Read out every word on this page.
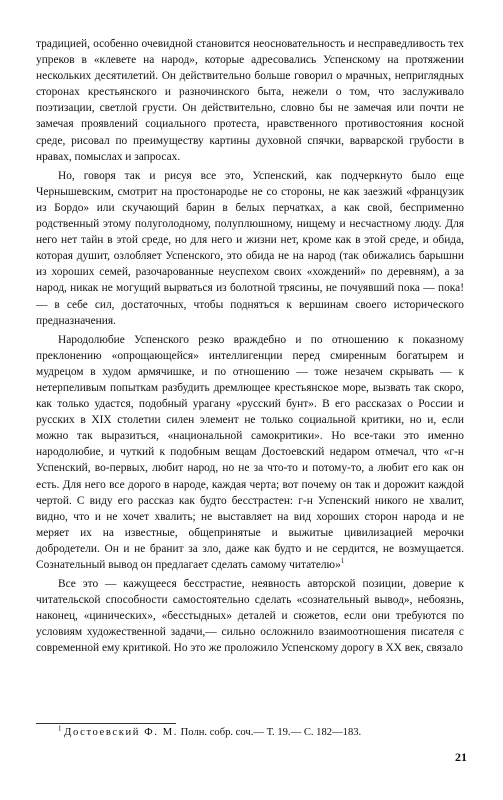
традицией, особенно очевидной становится неосновательность и несправедливость тех упреков в «клевете на народ», которые адресовались Успенскому на протяжении нескольких десятилетий. Он действительно больше говорил о мрачных, неприглядных сторонах крестьянского и разночинского быта, нежели о том, что заслуживало поэтизации, светлой грусти. Он действительно, словно бы не замечая или почти не замечая проявлений социального протеста, нравственного противостояния косной среде, рисовал по преимуществу картины духовной спячки, варварской грубости в нравах, помыслах и запросах.

Но, говоря так и рисуя все это, Успенский, как подчеркнуто было еще Чернышевским, смотрит на простонародье не со стороны, не как заезжий «французик из Бордо» или скучающий барин в белых перчатках, а как свой, бесприменно родственный этому полуголодному, полуплюшному, нищему и несчастному люду. Для него нет тайн в этой среде, но для него и жизни нет, кроме как в этой среде, и обида, которая душит, озлобляет Успенского, это обида не на народ (так обижались барышни из хороших семей, разочарованные неуспехом своих «хождений» по деревням), а за народ, никак не могущий вырваться из болотной трясины, не почуявший пока — пока! — в себе сил, достаточных, чтобы подняться к вершинам своего исторического предназначения.

Народолюбие Успенского резко враждебно и по отношению к показному преклонению «опрощающейся» интеллигенции перед смиренным богатырем и мудрецом в худом армячишке, и по отношению — тоже незачем скрывать — к нетерпеливым попыткам разбудить дремлющее крестьянское море, вызвать так скоро, как только удастся, подобный урагану «русский бунт». В его рассказах о России и русских в XIX столетии силен элемент не только социальной критики, но и, если можно так выразиться, «национальной самокритики». Но все-таки это именно народолюбие, и чуткий к подобным вещам Достоевский недаром отмечал, что «г-н Успенский, во-первых, любит народ, но не за что-то и потому-то, а любит его как он есть. Для него все дорого в народе, каждая черта; вот почему он так и дорожит каждой чертой. С виду его рассказ как будто бесстрастен: г-н Успенский никого не хвалит, видно, что и не хочет хвалить; не выставляет на вид хороших сторон народа и не меряет их на известные, общепринятые и выжитые цивилизацией мерочки добродетели. Он и не бранит за зло, даже как будто и не сердится, не возмущается. Сознательный вывод он предлагает сделать самому читателю»$^1$

Все это — кажущееся бесстрастие, неявность авторской позиции, доверие к читательской способности самостоятельно сделать «сознательный вывод», небоязнь, наконец, «цинических», «бесстыдных» деталей и сюжетов, если они требуются по условиям художественной задачи,— сильно осложнило взаимоотношения писателя с современной ему критикой. Но это же проложило Успенскому дорогу в XX век, связало

$^1$ Достоевский Ф. М. Полн. собр. соч.— Т. 19.— С. 182—183.
21
